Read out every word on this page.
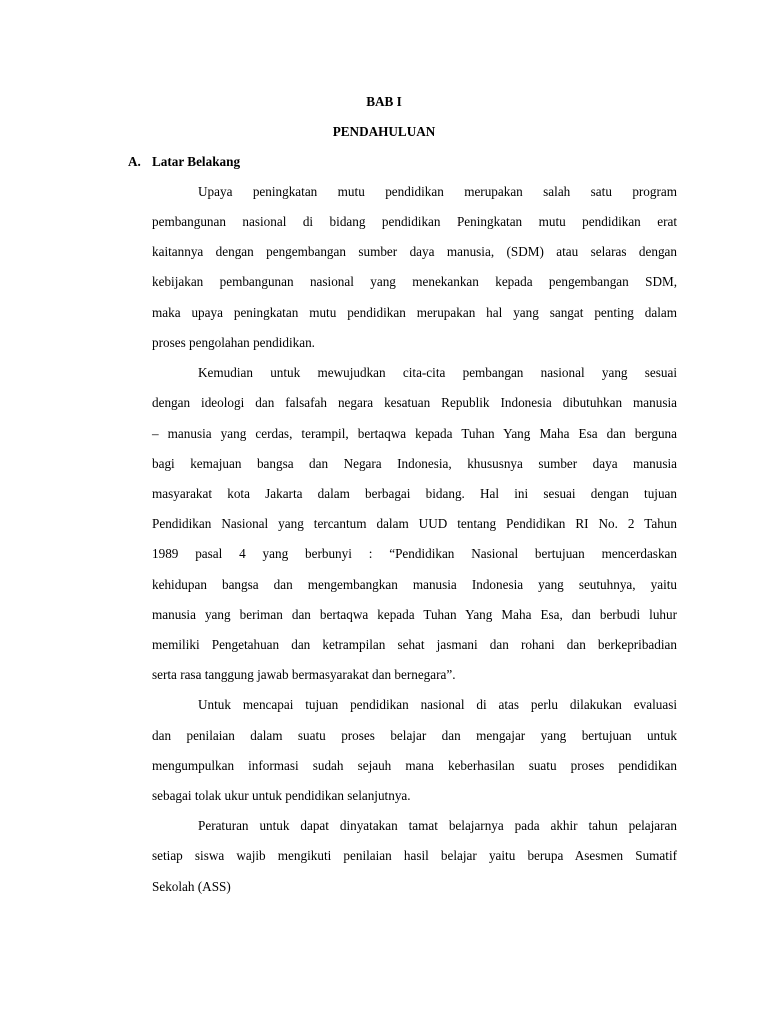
BAB I
PENDAHULUAN
A. Latar Belakang
Upaya peningkatan mutu pendidikan merupakan salah satu program
pembangunan nasional di bidang pendidikan Peningkatan mutu pendidikan erat
kaitannya dengan pengembangan sumber daya manusia, (SDM) atau selaras dengan
kebijakan pembangunan nasional yang menekankan kepada pengembangan SDM,
maka upaya peningkatan mutu pendidikan merupakan hal yang sangat penting dalam
proses pengolahan pendidikan.
Kemudian untuk mewujudkan cita-cita pembangan nasional yang sesuai
dengan ideologi dan falsafah negara kesatuan Republik Indonesia dibutuhkan manusia
– manusia yang cerdas, terampil, bertaqwa kepada Tuhan Yang Maha Esa dan berguna
bagi kemajuan bangsa dan Negara Indonesia, khususnya sumber daya manusia
masyarakat kota Jakarta dalam berbagai bidang. Hal ini sesuai dengan tujuan
Pendidikan Nasional yang tercantum dalam UUD tentang Pendidikan RI No. 2 Tahun
1989 pasal 4 yang berbunyi : “Pendidikan Nasional bertujuan mencerdaskan
kehidupan bangsa dan mengembangkan manusia Indonesia yang seutuhnya, yaitu
manusia yang beriman dan bertaqwa kepada Tuhan Yang Maha Esa, dan berbudi luhur
memiliki Pengetahuan dan ketrampilan sehat jasmani dan rohani dan berkepribadian
serta rasa tanggung jawab bermasyarakat dan bernegara”.
Untuk mencapai tujuan pendidikan nasional di atas perlu dilakukan evaluasi
dan penilaian dalam suatu proses belajar dan mengajar yang bertujuan untuk
mengumpulkan informasi sudah sejauh mana keberhasilan suatu proses pendidikan
sebagai tolak ukur untuk pendidikan selanjutnya.
Peraturan untuk dapat dinyatakan tamat belajarnya pada akhir tahun pelajaran
setiap siswa wajib mengikuti penilaian hasil belajar yaitu berupa Asesmen Sumatif
Sekolah (ASS)
